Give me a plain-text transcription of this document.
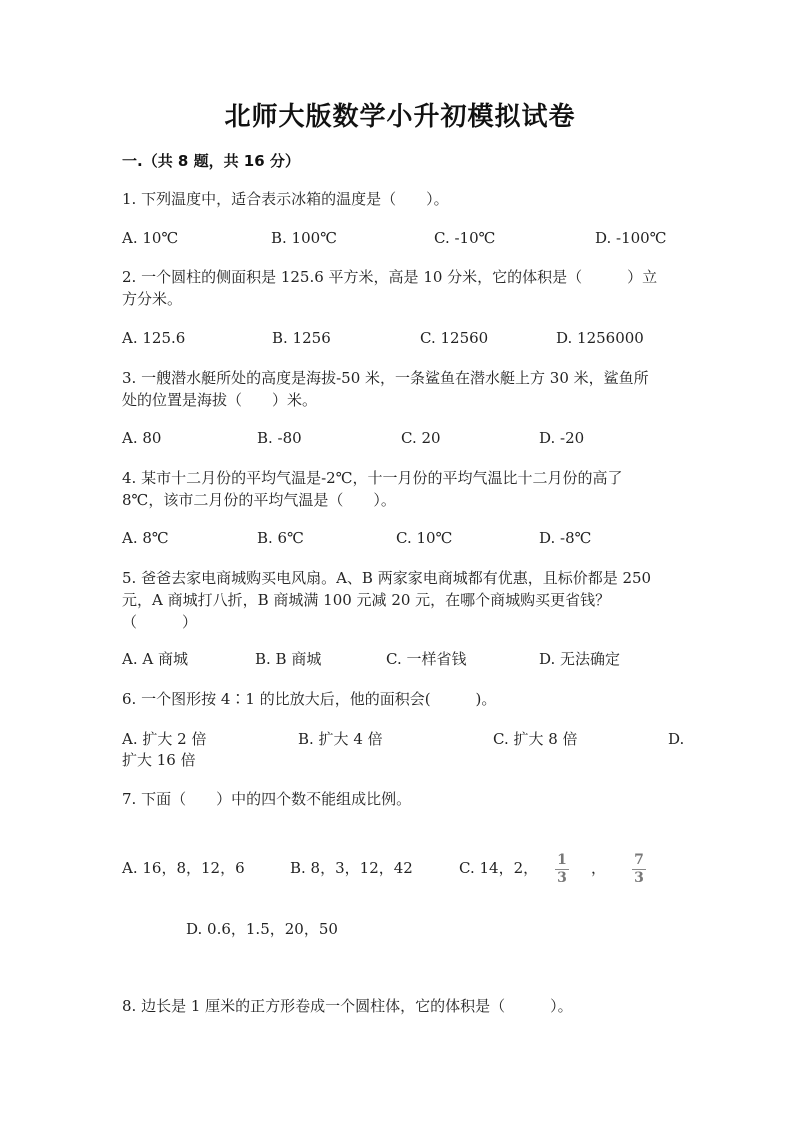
北师大版数学小升初模拟试卷
一.（共 8 题，共 16 分）
1. 下列温度中，适合表示冰箱的温度是（　　）。
A. 10℃	B. 100℃	C. -10℃	D. -100℃
2. 一个圆柱的侧面积是 125.6 平方米，高是 10 分米，它的体积是（　　　）立
方分米。
A. 125.6	B. 1256	C. 12560	D. 1256000
3. 一艘潜水艇所处的高度是海拔-50 米，一条鲨鱼在潜水艇上方 30 米，鲨鱼所
处的位置是海拔（　　）米。
A. 80	B. -80	C. 20	D. -20
4. 某市十二月份的平均气温是-2℃，十一月份的平均气温比十二月份的高了
8℃，该市二月份的平均气温是（　　）。
A. 8℃	B. 6℃	C. 10℃	D. -8℃
5. 爸爸去家电商城购买电风扇。A、B 两家家电商城都有优惠，且标价都是 250
元，A 商城打八折，B 商城满 100 元减 20 元，在哪个商城购买更省钱？
（　　　）
A. A 商城	B. B 商城	C. 一样省钱	D. 无法确定
6. 一个图形按 4∶1 的比放大后，他的面积会(　　　)。
A. 扩大 2 倍	B. 扩大 4 倍	C. 扩大 8 倍	D.
扩大 16 倍
7. 下面（　　）中的四个数不能组成比例。
A. 16，8，12，6	B. 8，3，12，42	C. 14，2， 1
3
， 7
3
D. 0.6，1.5，20，50
8. 边长是 1 厘米的正方形卷成一个圆柱体，它的体积是（　　　）。
